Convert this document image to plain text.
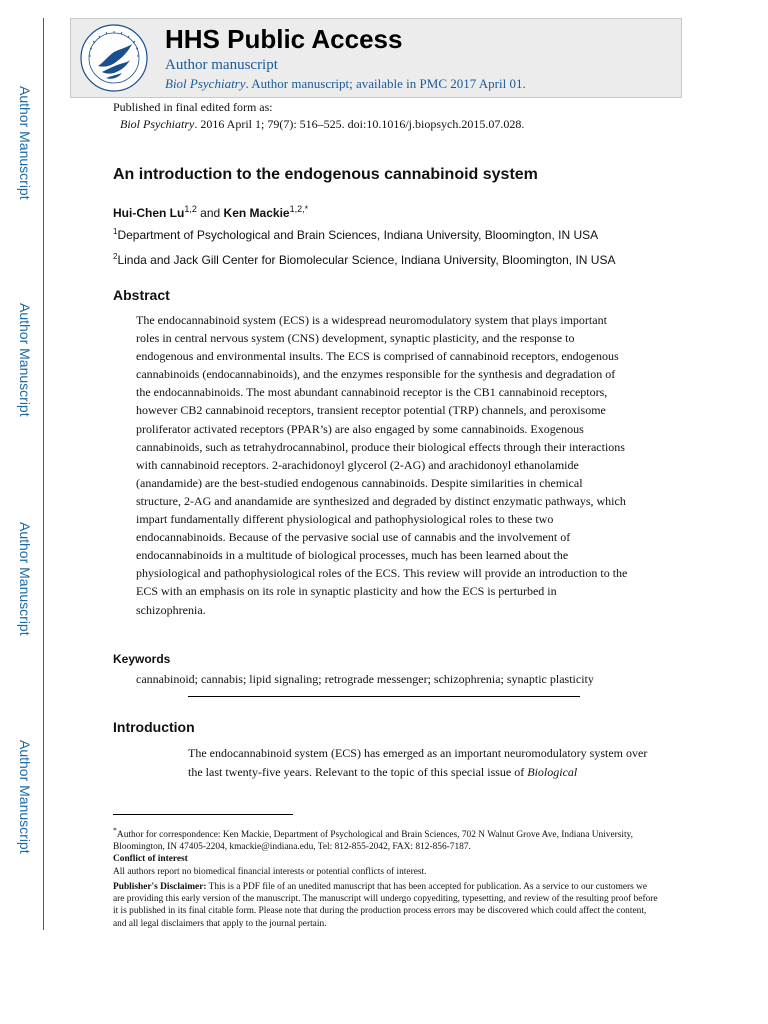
Author Manuscript
Author Manuscript
Author Manuscript
Author Manuscript
HHS Public Access
Author manuscript
Biol Psychiatry. Author manuscript; available in PMC 2017 April 01.
Published in final edited form as:
Biol Psychiatry. 2016 April 1; 79(7): 516–525. doi:10.1016/j.biopsych.2015.07.028.
An introduction to the endogenous cannabinoid system
Hui-Chen Lu$^{1,2}$ and Ken Mackie$^{1,2,*}$
$^1$Department of Psychological and Brain Sciences, Indiana University, Bloomington, IN USA
$^2$Linda and Jack Gill Center for Biomolecular Science, Indiana University, Bloomington, IN USA
Abstract
The endocannabinoid system (ECS) is a widespread neuromodulatory system that plays important roles in central nervous system (CNS) development, synaptic plasticity, and the response to endogenous and environmental insults. The ECS is comprised of cannabinoid receptors, endogenous cannabinoids (endocannabinoids), and the enzymes responsible for the synthesis and degradation of the endocannabinoids. The most abundant cannabinoid receptor is the CB1 cannabinoid receptors, however CB2 cannabinoid receptors, transient receptor potential (TRP) channels, and peroxisome proliferator activated receptors (PPAR’s) are also engaged by some cannabinoids. Exogenous cannabinoids, such as tetrahydrocannabinol, produce their biological effects through their interactions with cannabinoid receptors. 2-arachidonoyl glycerol (2-AG) and arachidonoyl ethanolamide (anandamide) are the best-studied endogenous cannabinoids. Despite similarities in chemical structure, 2-AG and anandamide are synthesized and degraded by distinct enzymatic pathways, which impart fundamentally different physiological and pathophysiological roles to these two endocannabinoids. Because of the pervasive social use of cannabis and the involvement of endocannabinoids in a multitude of biological processes, much has been learned about the physiological and pathophysiological roles of the ECS. This review will provide an introduction to the ECS with an emphasis on its role in synaptic plasticity and how the ECS is perturbed in schizophrenia.
Keywords
cannabinoid; cannabis; lipid signaling; retrograde messenger; schizophrenia; synaptic plasticity
Introduction
The endocannabinoid system (ECS) has emerged as an important neuromodulatory system over the last twenty-five years. Relevant to the topic of this special issue of Biological
*Author for correspondence: Ken Mackie, Department of Psychological and Brain Sciences, 702 N Walnut Grove Ave, Indiana University, Bloomington, IN 47405-2204, kmackie@indiana.edu, Tel: 812-855-2042, FAX: 812-856-7187.
Conflict of interest
All authors report no biomedical financial interests or potential conflicts of interest.
Publisher's Disclaimer: This is a PDF file of an unedited manuscript that has been accepted for publication. As a service to our customers we are providing this early version of the manuscript. The manuscript will undergo copyediting, typesetting, and review of the resulting proof before it is published in its final citable form. Please note that during the production process errors may be discovered which could affect the content, and all legal disclaimers that apply to the journal pertain.
